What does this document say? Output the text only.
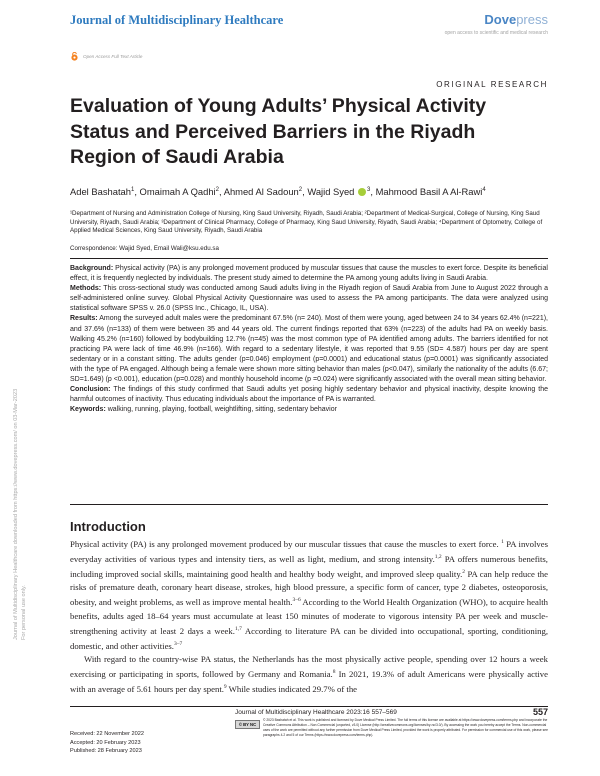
Journal of Multidisciplinary Healthcare	Dovepress
open access to scientific and medical research
Open Access Full Text Article
ORIGINAL RESEARCH
Journal of Multidisciplinary Healthcare downloaded from https://www.dovepress.com/ on 03-Mar-2023 For personal use only.
Evaluation of Young Adults’ Physical Activity Status and Perceived Barriers in the Riyadh Region of Saudi Arabia
Adel Bashatah$^1$, Omaimah A Qadhi$^2$, Ahmed Al Sadoun$^2$, Wajid Syed $^3$, Mahmood Basil A Al-Rawi$^4$
¹Department of Nursing and Administration College of Nursing, King Saud University, Riyadh, Saudi Arabia; ²Department of Medical-Surgical, College of Nursing, King Saud University, Riyadh, Saudi Arabia; ³Department of Clinical Pharmacy, College of Pharmacy, King Saud University, Riyadh, Saudi Arabia; ⁴Department of Optometry, College of Applied Medical Sciences, King Saud University, Riyadh, Saudi Arabia
Correspondence: Wajid Syed, Email Wali@ksu.edu.sa

Background: Physical activity (PA) is any prolonged movement produced by muscular tissues that cause the muscles to exert force. Despite its beneficial effect, it is frequently neglected by individuals. The present study aimed to determine the PA among young adults living in Saudi Arabia.

Methods: This cross-sectional study was conducted among Saudi adults living in the Riyadh region of Saudi Arabia from June to August 2022 through a self-administered online survey. Global Physical Activity Questionnaire was used to assess the PA among participants. The data were analyzed using statistical software SPSS v. 26.0 (SPSS Inc., Chicago, IL, USA).

Results: Among the surveyed adult males were the predominant 67.5% (n= 240). Most of them were young, aged between 24 to 34 years 62.4% (n=221), and 37.6% (n=133) of them were between 35 and 44 years old. The current findings reported that 63% (n=223) of the adults had PA on weekly basis. Walking 45.2% (n=160) followed by bodybuilding 12.7% (n=45) was the most common type of PA identified among adults. The barriers identified for not practicing PA were lack of time 46.9% (n=166). With regard to a sedentary lifestyle, it was reported that 9.55 (SD= 4.587) hours per day are spent sedentary or in a constant sitting. The adults gender (p=0.046) employment (p=0.0001) and educational status (p=0.0001) was significantly associated with the type of PA engaged. Although being a female were shown more sitting behavior than males (p<0.047), similarly the nationality of the adults (6.67; SD=1.649) (p <0.001), education (p=0.028) and monthly household income (p =0.024) were significantly associated with the overall mean sitting behavior.

Conclusion: The findings of this study confirmed that Saudi adults yet posing highly sedentary behavior and physical inactivity, despite knowing the harmful outcomes of inactivity. Thus educating individuals about the importance of PA is warranted.

Keywords: walking, running, playing, football, weightlifting, sitting, sedentary behavior

Introduction

Physical activity (PA) is any prolonged movement produced by our muscular tissues that cause the muscles to exert force. $^1$ PA involves everyday activities of various types and intensity tiers, as well as light, medium, and strong intensity.$^{1,2}$ PA offers numerous benefits, including improved social skills, maintaining good health and healthy body weight, and improved sleep quality.$^2$ PA can help reduce the risks of premature death, coronary heart disease, strokes, high blood pressure, a specific form of cancer, type 2 diabetes, osteoporosis, obesity, and weight problems, as well as improve mental health.$^{3-6}$ According to the World Health Organization (WHO), to acquire health benefits, adults aged 18–64 years must accumulate at least 150 minutes of moderate to vigorous intensity PA per week and muscle-strengthening activity at least 2 days a week.$^{1,7}$ According to literature PA can be divided into occupational, sporting, conditioning, domestic, and other activities.$^{3-7}$

With regard to the country-wise PA status, the Netherlands has the most physically active people, spending over 12 hours a week exercising or participating in sports, followed by Germany and Romania.$^8$ In 2021, 19.3% of adult Americans were physically active with an average of 5.61 hours per day spent.$^9$ While studies indicated 29.7% of the

Received: 22 November 2022
Accepted: 20 February 2023
Published: 28 February 2023
Journal of Multidisciplinary Healthcare 2023:16 557–569	557
© BY NC
© 2023 Bashatah et al. This work is published and licensed by Dove Medical Press Limited. The full terms of this license are available at https://www.dovepress.com/terms.php and incorporate the Creative Commons Attribution – Non Commercial (unported, v3.0) License (http://creativecommons.org/licenses/by-nc/3.0/). By accessing the work you hereby accept the Terms. Non-commercial uses of the work are permitted without any further permission from Dove Medical Press Limited, provided the work is properly attributed. For permission for commercial use of this work, please see paragraphs 4.2 and 5 of our Terms (https://www.dovepress.com/terms.php).
